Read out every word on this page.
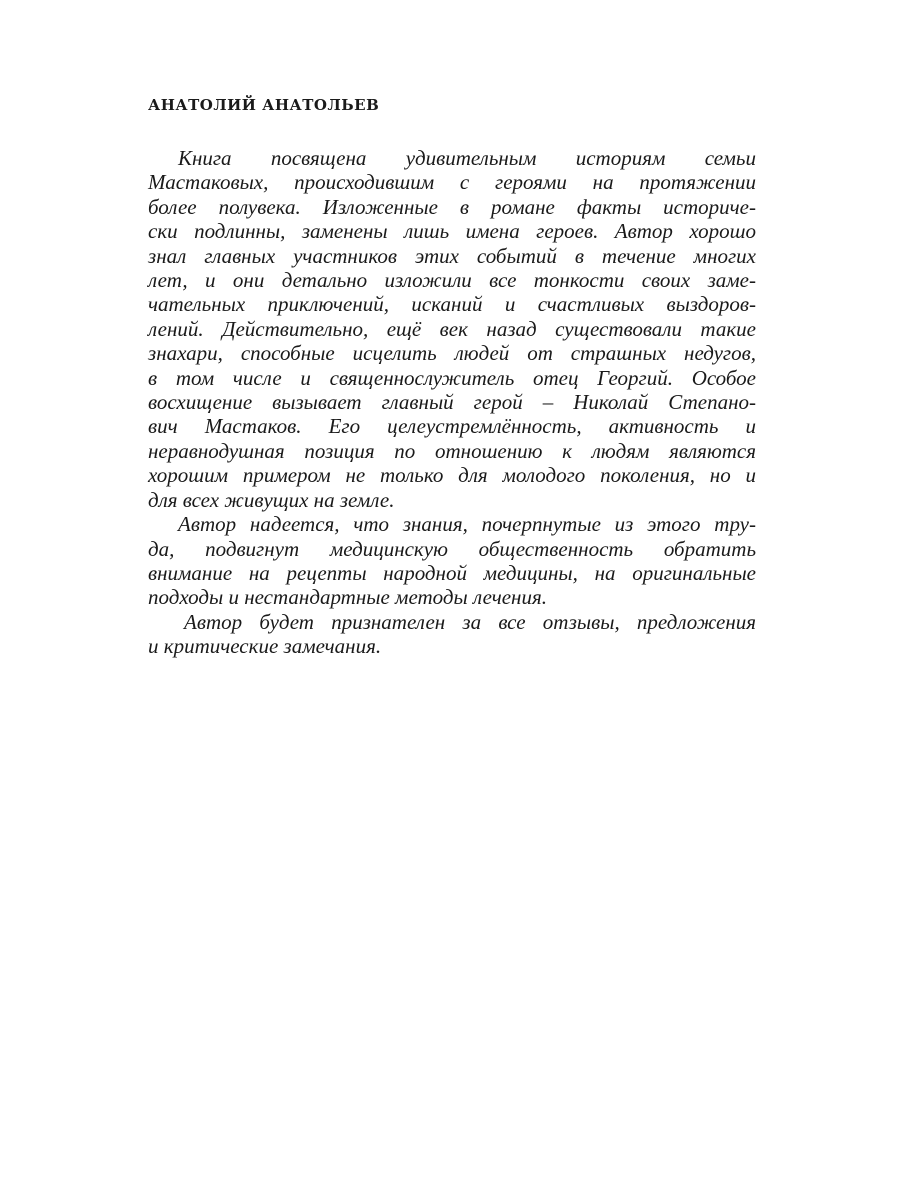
АНАТОЛИЙ АНАТОЛЬЕВ
Книга посвящена удивительным историям семьи
Мастаковых, происходившим с героями на протяжении
более полувека. Изложенные в романе факты историче-
ски подлинны, заменены лишь имена героев. Автор хорошо
знал главных участников этих событий в течение многих
лет, и они детально изложили все тонкости своих заме-
чательных приключений, исканий и счастливых выздоров-
лений. Действительно, ещё век назад существовали такие
знахари, способные исцелить людей от страшных недугов,
в том числе и священнослужитель отец Георгий. Особое
восхищение вызывает главный герой – Николай Степано-
вич Мастаков. Его целеустремлённость, активность и
неравнодушная позиция по отношению к людям являются
хорошим примером не только для молодого поколения, но и
для всех живущих на земле.
Автор надеется, что знания, почерпнутые из этого тру-
да, подвигнут медицинскую общественность обратить
внимание на рецепты народной медицины, на оригинальные
подходы и нестандартные методы лечения.
Автор будет признателен за все отзывы, предложения
и критические замечания.
